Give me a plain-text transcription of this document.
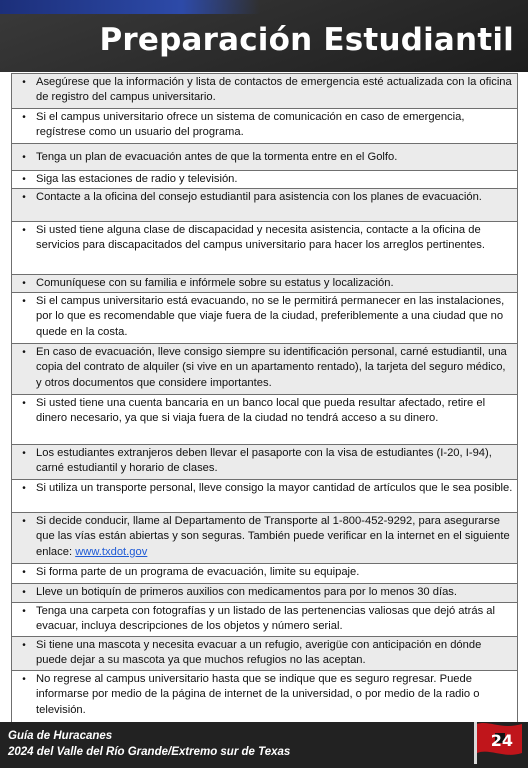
Preparación Estudiantil
• Asegúrese que la información y lista de contactos de emergencia esté actualizada con la oficina de registro del campus universitario.
• Si el campus universitario ofrece un sistema de comunicación en caso de emergencia, regístrese como un usuario del programa.
• Tenga un plan de evacuación antes de que la tormenta entre en el Golfo.
• Siga las estaciones de radio y televisión.
• Contacte a la oficina del consejo estudiantil para asistencia con los planes de evacuación.
• Si usted tiene alguna clase de discapacidad y necesita asistencia, contacte a la oficina de servicios para discapacitados del campus universitario para hacer los arreglos pertinentes.
• Comuníquese con su familia e infórmele sobre su estatus y localización.
• Si el campus universitario está evacuando, no se le permitirá permanecer en las instalaciones, por lo que es recomendable que viaje fuera de la ciudad, preferiblemente a una ciudad que no quede en la costa.
• En caso de evacuación, lleve consigo siempre su identificación personal, carné estudiantil, una copia del contrato de alquiler (si vive en un apartamento rentado), la tarjeta del seguro médico, y otros documentos que considere importantes.
• Si usted tiene una cuenta bancaria en un banco local que pueda resultar afectado, retire el dinero necesario, ya que si viaja fuera de la ciudad no tendrá acceso a su dinero.
• Los estudiantes extranjeros deben llevar el pasaporte con la visa de estudiantes (I-20, I-94), carné estudiantil y horario de clases.
• Si utiliza un transporte personal, lleve consigo la mayor cantidad de artículos que le sea posible.
• Si decide conducir, llame al Departamento de Transporte al 1-800-452-9292, para asegurarse que las vías están abiertas y son seguras. También puede verificar en la internet en el siguiente enlace: www.txdot.gov
• Si forma parte de un programa de evacuación, limite su equipaje.
• Lleve un botiquín de primeros auxilios con medicamentos para por lo menos 30 días.
• Tenga una carpeta con fotografías y un listado de las pertenencias valiosas que dejó atrás al evacuar, incluya descripciones de los objetos y número serial.
• Si tiene una mascota y necesita evacuar a un refugio, averigüe con anticipación en dónde puede dejar a su mascota ya que muchos refugios no las aceptan.
• No regrese al campus universitario hasta que se indique que es seguro regresar. Puede informarse por medio de la página de internet de la universidad, o por medio de la radio o televisión.
Guía de Huracanes
2024 del Valle del Río Grande/Extremo sur de Texas
24
